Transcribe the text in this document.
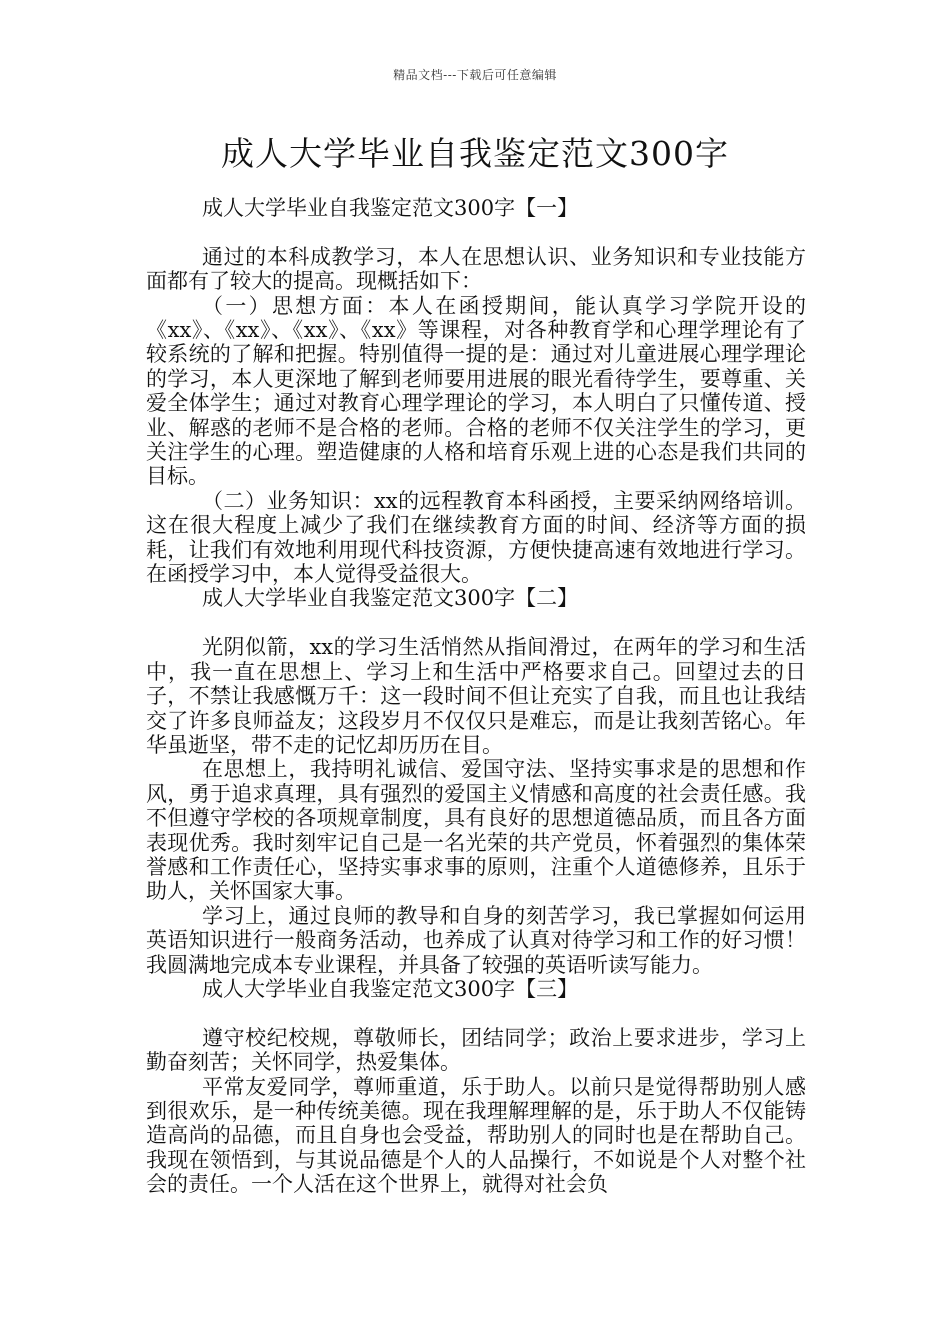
精品文档---下载后可任意编辑
成人大学毕业自我鉴定范文300字

成人大学毕业自我鉴定范文300字【一】

通过的本科成教学习，本人在思想认识、业务知识和专业技能方面都有了较大的提高。现概括如下：

（一）思想方面：本人在函授期间，能认真学习学院开设的《xx》、《xx》、《xx》、《xx》等课程，对各种教育学和心理学理论有了较系统的了解和把握。特别值得一提的是：通过对儿童进展心理学理论的学习，本人更深地了解到老师要用进展的眼光看待学生，要尊重、关爱全体学生；通过对教育心理学理论的学习，本人明白了只懂传道、授业、解惑的老师不是合格的老师。合格的老师不仅关注学生的学习，更关注学生的心理。塑造健康的人格和培育乐观上进的心态是我们共同的目标。

（二）业务知识：xx的远程教育本科函授，主要采纳网络培训。这在很大程度上减少了我们在继续教育方面的时间、经济等方面的损耗，让我们有效地利用现代科技资源，方便快捷高速有效地进行学习。在函授学习中，本人觉得受益很大。

成人大学毕业自我鉴定范文300字【二】

光阴似箭，xx的学习生活悄然从指间滑过，在两年的学习和生活中，我一直在思想上、学习上和生活中严格要求自己。回望过去的日子，不禁让我感慨万千：这一段时间不但让充实了自我，而且也让我结交了许多良师益友；这段岁月不仅仅只是难忘，而是让我刻苦铭心。年华虽逝坚，带不走的记忆却历历在目。

在思想上，我持明礼诚信、爱国守法、坚持实事求是的思想和作风，勇于追求真理，具有强烈的爱国主义情感和高度的社会责任感。我不但遵守学校的各项规章制度，具有良好的思想道德品质，而且各方面表现优秀。我时刻牢记自己是一名光荣的共产党员，怀着强烈的集体荣誉感和工作责任心，坚持实事求事的原则，注重个人道德修养，且乐于助人，关怀国家大事。

学习上，通过良师的教导和自身的刻苦学习，我已掌握如何运用英语知识进行一般商务活动，也养成了认真对待学习和工作的好习惯！我圆满地完成本专业课程，并具备了较强的英语听读写能力。

成人大学毕业自我鉴定范文300字【三】

遵守校纪校规，尊敬师长，团结同学；政治上要求进步，学习上勤奋刻苦；关怀同学，热爱集体。

平常友爱同学，尊师重道，乐于助人。以前只是觉得帮助别人感到很欢乐，是一种传统美德。现在我理解理解的是，乐于助人不仅能铸造高尚的品德，而且自身也会受益，帮助别人的同时也是在帮助自己。我现在领悟到，与其说品德是个人的人品操行，不如说是个人对整个社会的责任。一个人活在这个世界上，就得对社会负
